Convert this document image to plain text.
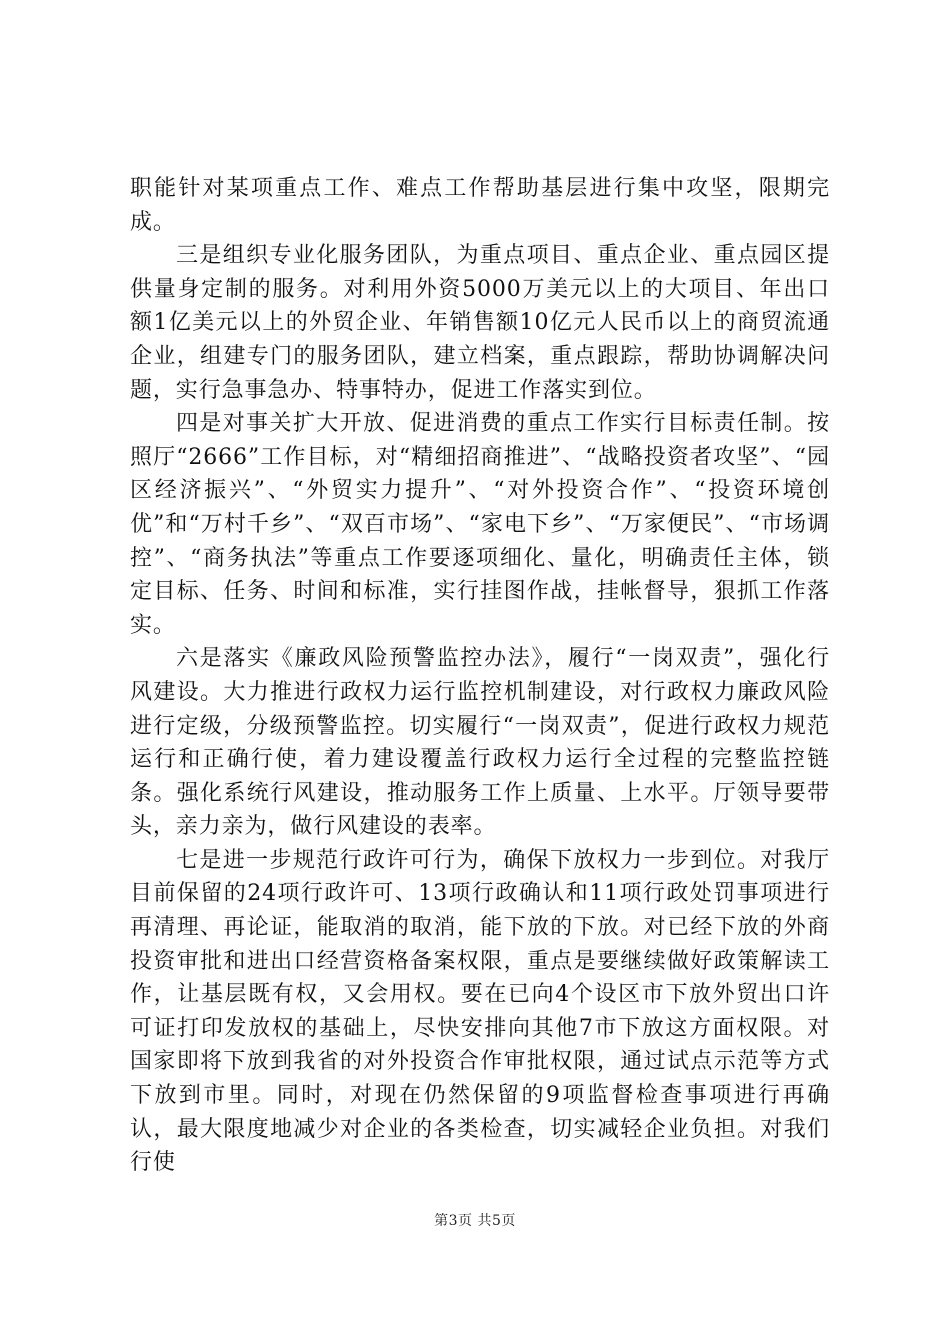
职能针对某项重点工作、难点工作帮助基层进行集中攻坚，限期完成。

三是组织专业化服务团队，为重点项目、重点企业、重点园区提供量身定制的服务。对利用外资5000万美元以上的大项目、年出口额1亿美元以上的外贸企业、年销售额10亿元人民币以上的商贸流通企业，组建专门的服务团队，建立档案，重点跟踪，帮助协调解决问题，实行急事急办、特事特办，促进工作落实到位。

四是对事关扩大开放、促进消费的重点工作实行目标责任制。按照厅“2666”工作目标，对“精细招商推进”、“战略投资者攻坚”、“园区经济振兴”、“外贸实力提升”、“对外投资合作”、“投资环境创优”和“万村千乡”、“双百市场”、“家电下乡”、“万家便民”、“市场调控”、“商务执法”等重点工作要逐项细化、量化，明确责任主体，锁定目标、任务、时间和标准，实行挂图作战，挂帐督导，狠抓工作落实。

六是落实《廉政风险预警监控办法》，履行“一岗双责”，强化行风建设。大力推进行政权力运行监控机制建设，对行政权力廉政风险进行定级，分级预警监控。切实履行“一岗双责”，促进行政权力规范运行和正确行使，着力建设覆盖行政权力运行全过程的完整监控链条。强化系统行风建设，推动服务工作上质量、上水平。厅领导要带头，亲力亲为，做行风建设的表率。

七是进一步规范行政许可行为，确保下放权力一步到位。对我厅目前保留的24项行政许可、13项行政确认和11项行政处罚事项进行再清理、再论证，能取消的取消，能下放的下放。对已经下放的外商投资审批和进出口经营资格备案权限，重点是要继续做好政策解读工作，让基层既有权，又会用权。要在已向4个设区市下放外贸出口许可证打印发放权的基础上，尽快安排向其他7市下放这方面权限。对国家即将下放到我省的对外投资合作审批权限，通过试点示范等方式下放到市里。同时，对现在仍然保留的9项监督检查事项进行再确认，最大限度地减少对企业的各类检查，切实减轻企业负担。对我们行使

第3页 共5页
